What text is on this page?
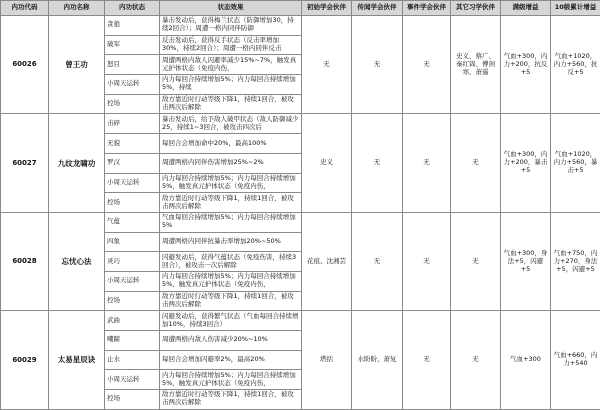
内功代码	内功名称	内功状态	状态效果	初始学会伙伴	传闻学会伙伴	事件学会伙伴	其它习学伙伴	满级增益	10级累计增益
60026	曾王功	贪狼	暴击发动后，获得梅兰状态（防御增加30，持续2回合）；周遭一格内同伴防御	无	无	无	史义、蔡广、秦红锦、傅剑寒、萧遥	气血+300，内力+200，抗反+5	气血+1020，内力+560，抗反+5
		破军	反击发动后，获得反手状态（反击率增加30%，持续2回合）；周遭一格内同伴反击						
		怒目	周遭两格内敌人闪避率减少15%~7%，触发真元护体状态（免疫内伤，						
		小周天运转	内力每回合持续增加5%；内力每回合持续增加5%，持续						
		控场	敌方靠近时行动等级下降1，持续1回合，被攻击两次后解除						
60027	九纹龙啸功	击碎	暴击发动后，给予敌人破甲状态（敌人防御减少25，持续1~3回合，被攻击四次后	史义	无	无	无	气血+300，内力+200，暴击+5	气血+1020，内力+560，暴击+5
		无貌	每回合会增加命中20%，最高100%						
		罗汉	周遭两格内同伴伤害增加25%~2%						
		小周天运转	内力每回合持续增加5%；内力每回合持续增加5%，触发真元护体状态（免疫内伤，						
		控场	敌方靠近时行动等级下降1，持续1回合，被攻击两次后解除						
60028	忘忧心法	气蕴	气血每回合持续增加5%；内力每回合持续增加5%	花痕、沈湘芸	无	无	无	气血+300，身法+5，闪避+5	气血+750，内力+270，身法+5，闪避+5
		四象	周遭两格内同伴抗暴击率增加20%~50%						
		灵巧	闪避发动后，获得气蕴状态（免疫伤害，持续3回合），被攻击一次后解除						
		小周天运转	内力每回合持续增加5%；内力每回合持续增加5%，触发真元护体状态（免疫内伤，						
		控场	敌方靠近时行动等级下降1，持续1回合，被攻击两次后解除						
60029	太易星辰诀	武曲	闪避发动后，获得繁气状态（气血每回合持续增加10%，持续3回合）	塔括	水盼盼、萧复	无	无	气血+300	气血+660，内力+540
		嘲蹄	周遭两格内敌人伤害减少20%~10%						
		止水	每回合会增加闪避率2%，最高20%						
		小周天运转	内力每回合持续增加5%；内力每回合持续增加5%，触发真元护体状态（免疫内伤，						
		控场	敌方靠近时行动等级下降1，持续1回合，被攻击两次后解除						
